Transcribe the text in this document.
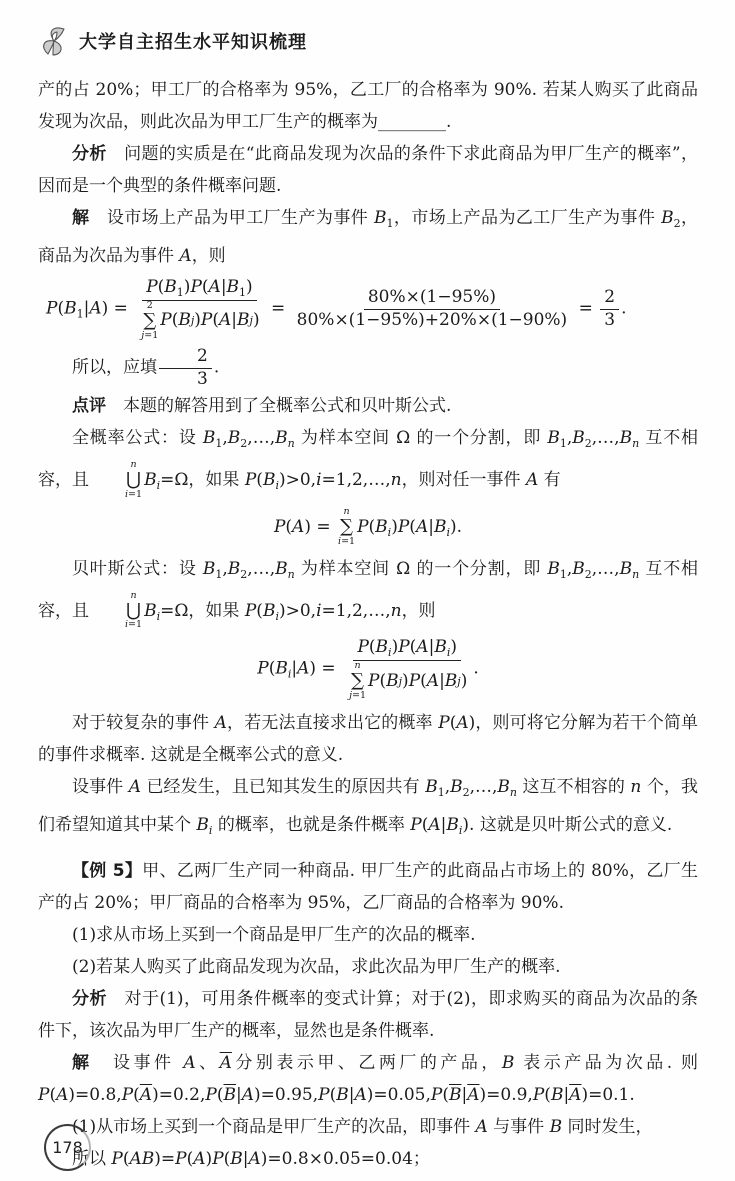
大学自主招生水平知识梳理
产的占 20%；甲工厂的合格率为 95%，乙工厂的合格率为 90%. 若某人购买了此商品发现为次品，则此次品为甲工厂生产的概率为________.
分析　问题的实质是在“此商品发现为次品的条件下求此商品为甲厂生产的概率”，因而是一个典型的条件概率问题.
解　设市场上产品为甲工厂生产为事件 $B_1$，市场上产品为乙工厂生产为事件 $B_2$，商品为次品为事件 A，则
$P(B_1|A) = P(B_1)P(A|B_1)$
2
∑
j=1
P ( B j ) P ( A | B j ) = $\frac{80\%\times(1-95\%)}{80\%\times(1-95\%)+20\%\times(1-90\%)} = \frac{2}{3}$ .
所以，应填 $\frac{2}{3}$ .
点评　本题的解答用到了全概率公式和贝叶斯公式.
全概率公式：设 $B_1,B_2,\dots,B_n$ 为样本空间 Ω 的一个分割，即 $B_1,B_2,\dots,B_n$ 互不相容，且
n
⋃
i=1
$B_i=\Omega$，如果 $P(B_i)>0,i=1,2,\dots,n$，则对任一事件 A 有
P(A) =
n
∑
i=1
$P(B_i)P(A|B_i)$.
贝叶斯公式：设 $B_1,B_2,\dots,B_n$ 为样本空间 Ω 的一个分割，即 $B_1,B_2,\dots,B_n$ 互不相容，且
n
⋃
i=1
$B_i=\Omega$，如果 $P(B_i)>0,i=1,2,\dots,n$，则
$P(B_i|A) = P(B_i)P(A|B_i)$
n
∑
j=1
P ( B j ) P ( A | B j ) .
对于较复杂的事件 A，若无法直接求出它的概率 P(A)，则可将它分解为若干个简单的事件求概率. 这就是全概率公式的意义.
设事件 A 已经发生，且已知其发生的原因共有 $B_1,B_2,\dots,B_n$ 这互不相容的 n 个，我们希望知道其中某个 $B_i$ 的概率，也就是条件概率 $P(A|B_i)$. 这就是贝叶斯公式的意义.
【例 5】甲、乙两厂生产同一种商品. 甲厂生产的此商品占市场上的 80%，乙厂生产的占 20%；甲厂商品的合格率为 95%，乙厂商品的合格率为 90%.
(1)求从市场上买到一个商品是甲厂生产的次品的概率.
(2)若某人购买了此商品发现为次品，求此次品为甲厂生产的概率.
分析　对于(1)，可用条件概率的变式计算；对于(2)，即求购买的商品为次品的条件下，该次品为甲厂生产的概率，显然也是条件概率.
解　设事件 A、$\overline{A}$分别表示甲、乙两厂的产品，B 表示产品为次品. 则 $P(A)=0.8,P(\overline{A})=0.2,P(\overline{B}|A)=0.95,P(B|A)=0.05,P(\overline{B}|\overline{A})=0.9,P(B|\overline{A})=0.1$.
(1)从市场上买到一个商品是甲厂生产的次品，即事件 A 与事件 B 同时发生，
所以 P(AB)=P(A)P(B|A)=0.8×0.05=0.04；
178
